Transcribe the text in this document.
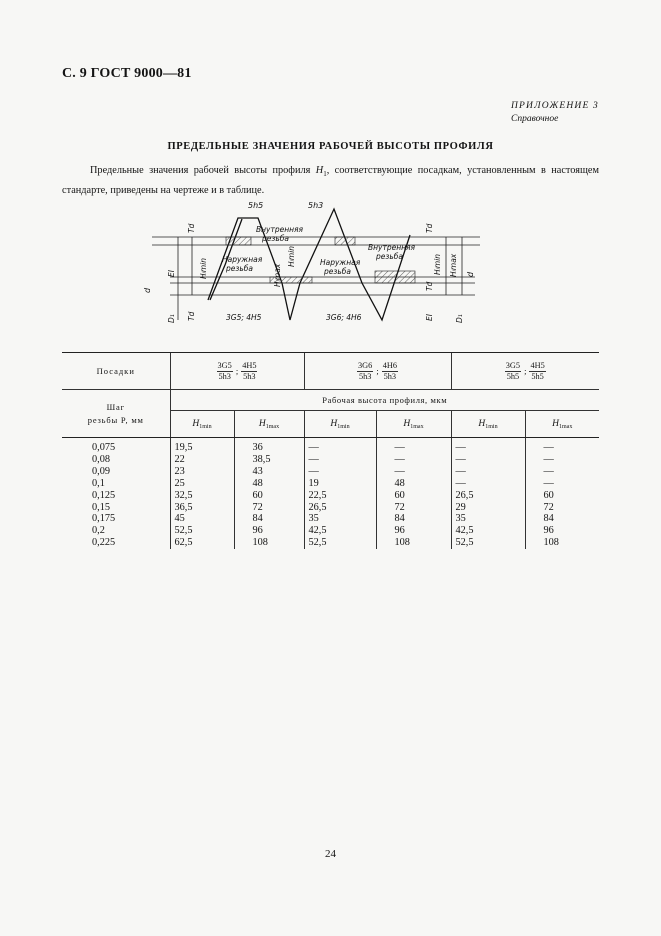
С. 9 ГОСТ 9000—81
ПРИЛОЖЕНИЕ 3
Справочное
ПРЕДЕЛЬНЫЕ ЗНАЧЕНИЯ РАБОЧЕЙ ВЫСОТЫ ПРОФИЛЯ
Предельные значения рабочей высоты профиля $H_1$, соответствующие посадкам, установленным в настоящем стандарте, приведены на чертеже и в таблице.
5h5	5h3
Внутренняя
резьба
Внутренняя
резьба
Наружная
резьба
Наружная
резьба
3G5; 4H5	3G6; 4H6
Hₗmin	Hₗmax
Hₗmin	Hₗmin Hₗmax
d
d
EI
D₁
Td
Td
Td
Td
EI	D₁
Посадки	$\frac{3G5}{5h3}$ ; $\frac{4H5}{5h3}$		$\frac{3G6}{5h3}$ ; $\frac{4H6}{5h3}$		$\frac{3G5}{5h5}$ ; $\frac{4H5}{5h5}$

Шаг
резьбы P, мм	Рабочая высота профиля, мкм					
	$H_{1min}$	$H_{1max}$	$H_{1min}$	$H_{1max}$	$H_{1min}$	$H_{1max}$
0,075	19,5	36	—	—	—	—
0,08	22	38,5	—	—	—	—
0,09	23	43	—	—	—	—
0,1	25	48	19	48	—	—
0,125	32,5	60	22,5	60	26,5	60
0,15	36,5	72	26,5	72	29	72
0,175	45	84	35	84	35	84
0,2	52,5	96	42,5	96	42,5	96
0,225	62,5	108	52,5	108	52,5	108
24
